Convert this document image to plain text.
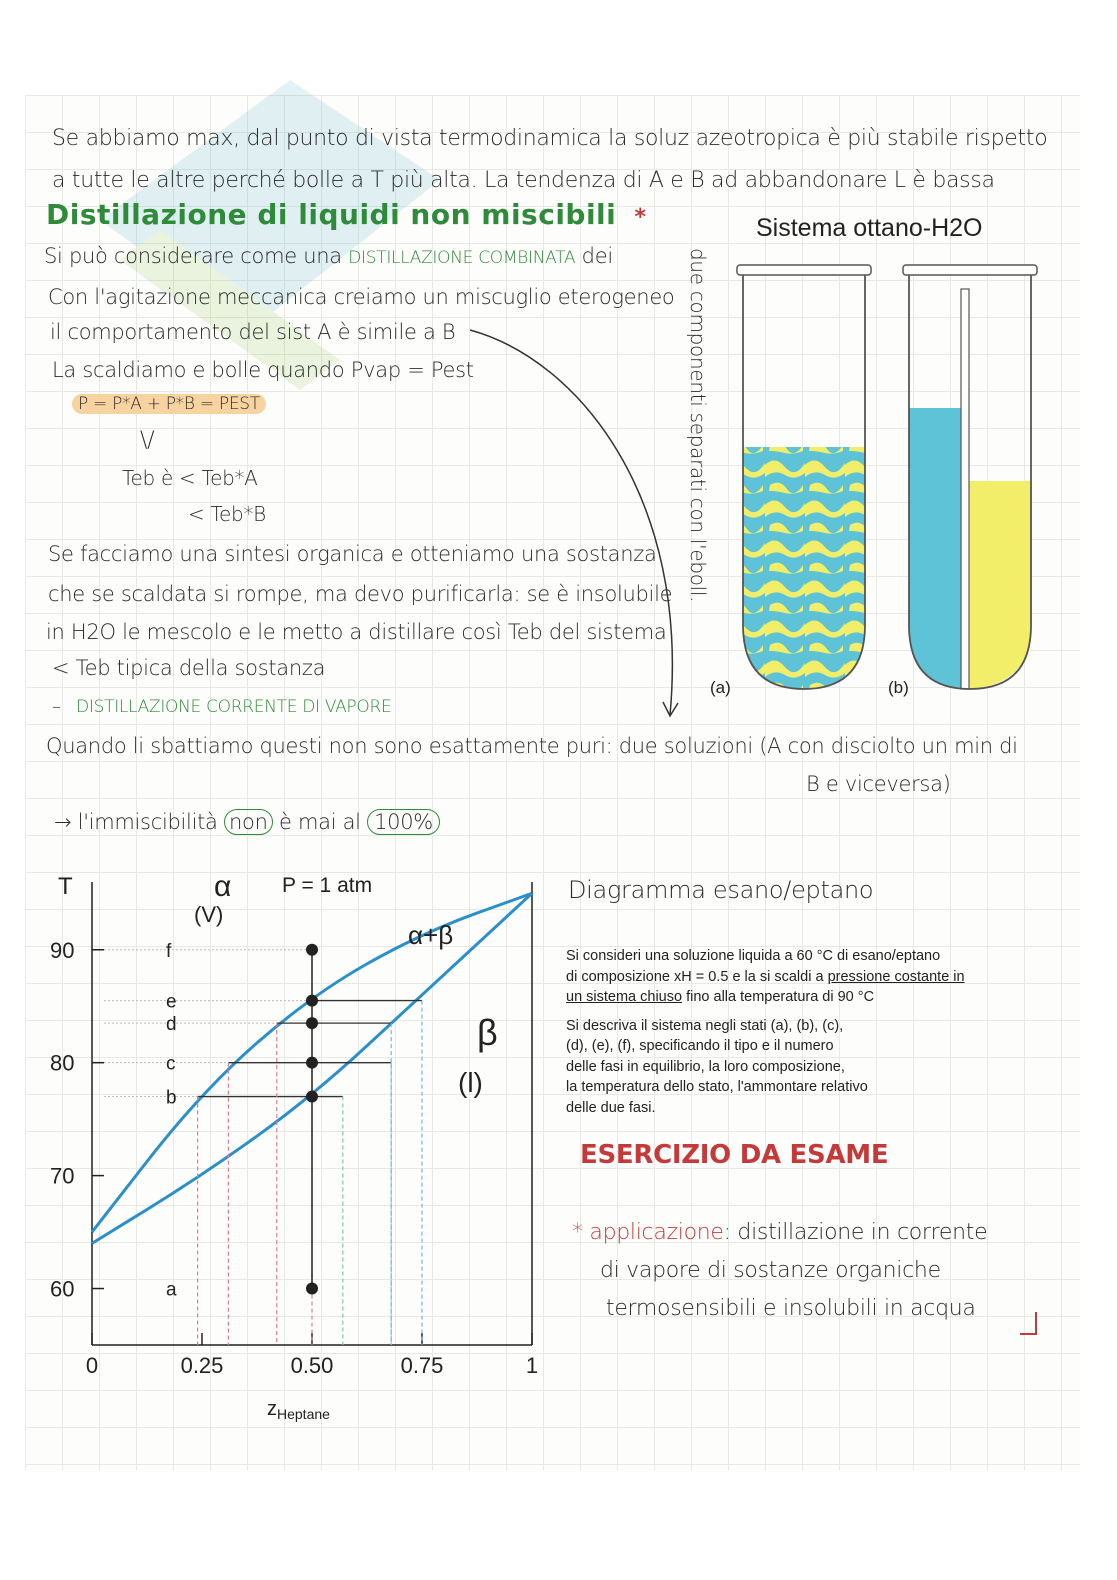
Se abbiamo max, dal punto di vista termodinamica la soluz azeotropica è più stabile rispetto
a tutte le altre perché bolle a T più alta. La tendenza di A e B ad abbandonare L è bassa
Distillazione di liquidi non miscibili *
Si può considerare come una DISTILLAZIONE COMBINATA dei
Con l'agitazione meccanica creiamo un miscuglio eterogeneo
il comportamento del sist A è simile a B
La scaldiamo e bolle quando Pvap = Pest
P = P*A + P*B = PEST
\/
Teb è < Teb*A
< Teb*B	due componenti separati con l'eboll.
Se facciamo una sintesi organica e otteniamo una sostanza
che se scaldata si rompe, ma devo purificarla: se è insolubile
in H2O le mescolo e le metto a distillare così Teb del sistema
< Teb tipica della sostanza
– DISTILLAZIONE CORRENTE DI VAPORE
Sistema ottano-H2O
(a)	(b)
Quando li sbattiamo questi non sono esattamente puri: due soluzioni (A con disciolto un min di
B e viceversa)
→ l'immiscibilità non è mai al 100%
60
70
80
90
0	0.25	0.50	0.75	1
T
$z_{Heptane}$
a
b
c
d
e
f
P = 1 atm
α
(V)
α+β
β
(l)
Diagramma esano/eptano
Si consideri una soluzione liquida a 60 °C di esano/eptano
di composizione xH = 0.5 e la si scaldi a pressione costante in
un sistema chiuso fino alla temperatura di 90 °C
Si descriva il sistema negli stati (a), (b), (c),
(d), (e), (f), specificando il tipo e il numero
delle fasi in equilibrio, la loro composizione,
la temperatura dello stato, l'ammontare relativo
delle due fasi.
ESERCIZIO DA ESAME
* applicazione: distillazione in corrente
di vapore di sostanze organiche
termosensibili e insolubili in acqua
